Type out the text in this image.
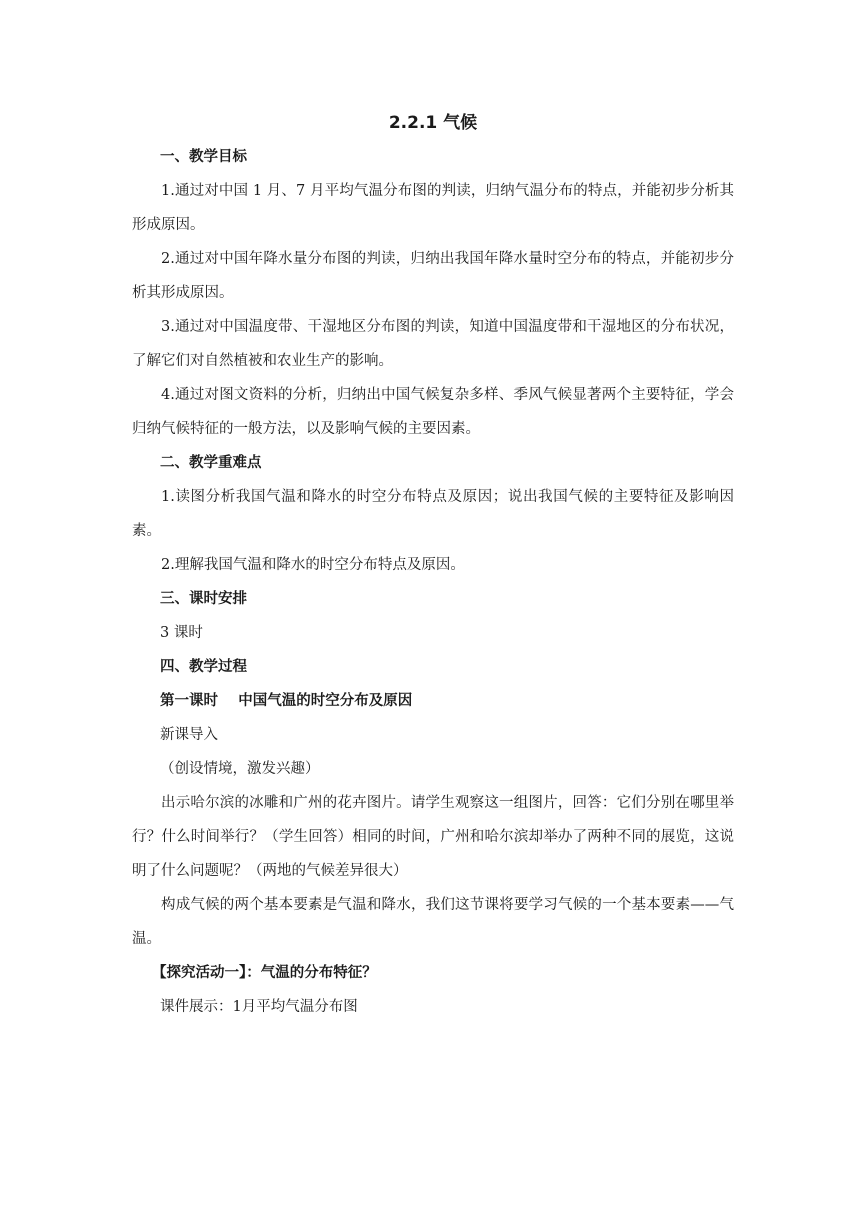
2.2.1 气候
一、教学目标

1.通过对中国 1 月、7 月平均气温分布图的判读，归纳气温分布的特点，并能初步分析其形成原因。

2.通过对中国年降水量分布图的判读，归纳出我国年降水量时空分布的特点，并能初步分析其形成原因。

3.通过对中国温度带、干湿地区分布图的判读，知道中国温度带和干湿地区的分布状况，了解它们对自然植被和农业生产的影响。

4.通过对图文资料的分析，归纳出中国气候复杂多样、季风气候显著两个主要特征，学会归纳气候特征的一般方法，以及影响气候的主要因素。

二、教学重难点

1.读图分析我国气温和降水的时空分布特点及原因；说出我国气候的主要特征及影响因素。

2.理解我国气温和降水的时空分布特点及原因。

三、课时安排

3 课时

四、教学过程
第一课时    中国气温的时空分布及原因

新课导入

（创设情境，激发兴趣）

出示哈尔滨的冰雕和广州的花卉图片。请学生观察这一组图片，回答：它们分别在哪里举行？什么时间举行？（学生回答）相同的时间，广州和哈尔滨却举办了两种不同的展览，这说明了什么问题呢？（两地的气候差异很大）

构成气候的两个基本要素是气温和降水，我们这节课将要学习气候的一个基本要素——气温。

【探究活动一】：气温的分布特征？

课件展示：1月平均气温分布图
